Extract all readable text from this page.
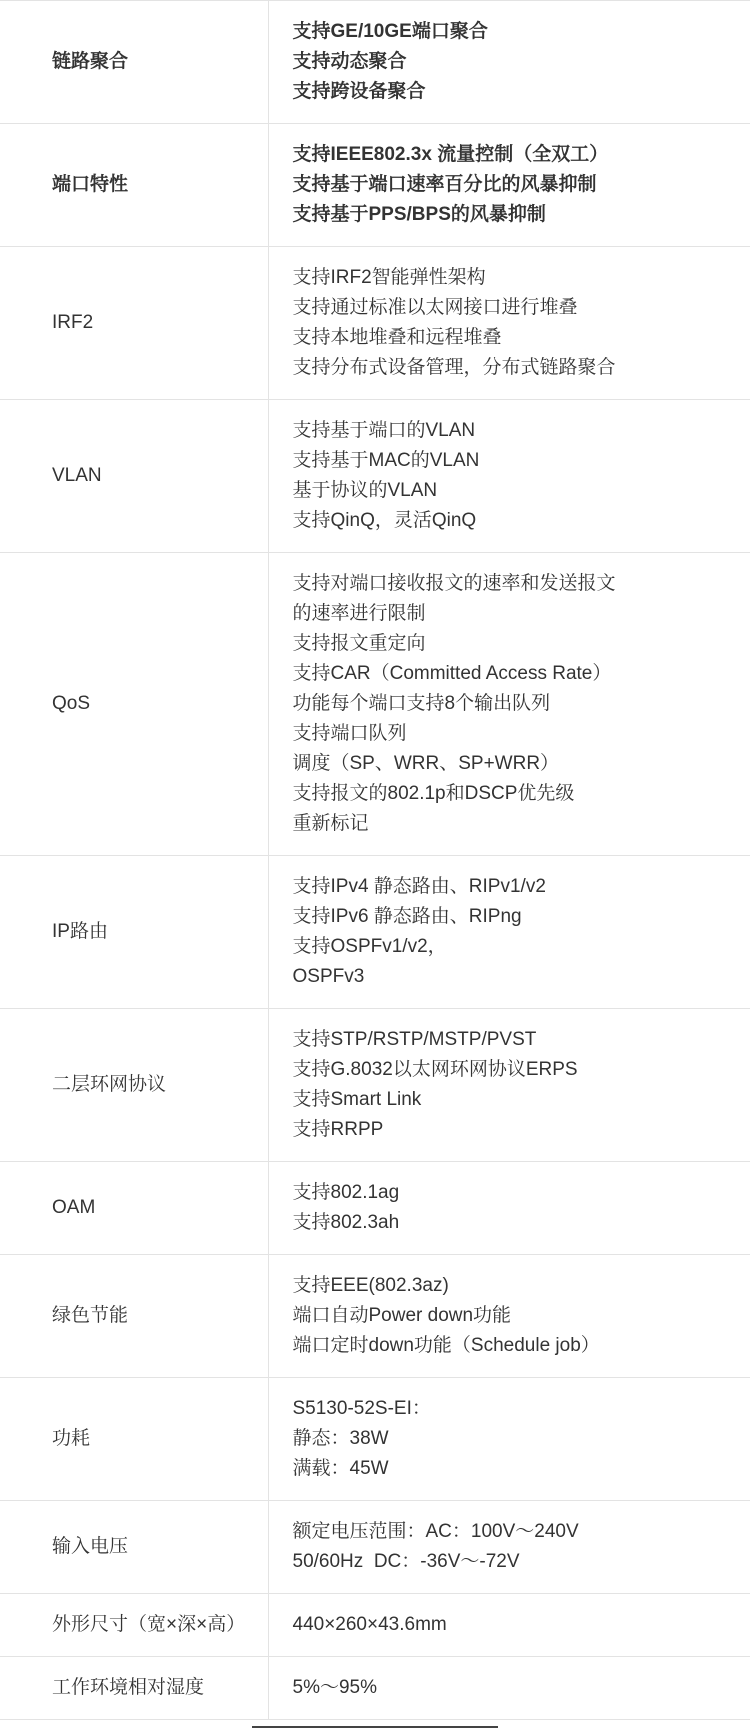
链路聚合	支持GE/10GE端口聚合
支持动态聚合
支持跨设备聚合

端口特性	支持IEEE802.3x 流量控制（全双工）
支持基于端口速率百分比的风暴抑制
支持基于PPS/BPS的风暴抑制

IRF2	支持IRF2智能弹性架构
支持通过标准以太网接口进行堆叠
支持本地堆叠和远程堆叠
支持分布式设备管理，分布式链路聚合

VLAN	支持基于端口的VLAN
支持基于MAC的VLAN
基于协议的VLAN
支持QinQ，灵活QinQ

QoS	
支持对端口接收报文的速率和发送报文
的速率进行限制
支持报文重定向
支持CAR（Committed Access Rate）
功能每个端口支持8个输出队列
支持端口队列
调度（SP、WRR、SP+WRR）
支持报文的802.1p和DSCP优先级
重新标记

IP路由	支持IPv4 静态路由、RIPv1/v2
支持IPv6 静态路由、RIPng
支持OSPFv1/v2，
OSPFv3

二层环网协议	支持STP/RSTP/MSTP/PVST
支持G.8032以太网环网协议ERPS
支持Smart Link
支持RRPP

OAM	支持802.1ag
支持802.3ah

绿色节能	支持EEE(802.3az)
端口自动Power down功能
端口定时down功能（Schedule job）

功耗	S5130-52S-EI：
静态：38W
满载：45W

输入电压	额定电压范围：AC：100V～240V
50/60Hz  DC：-36V～-72V

外形尺寸（宽×深×高）	440×260×43.6mm

工作环境相对湿度	5%～95%
